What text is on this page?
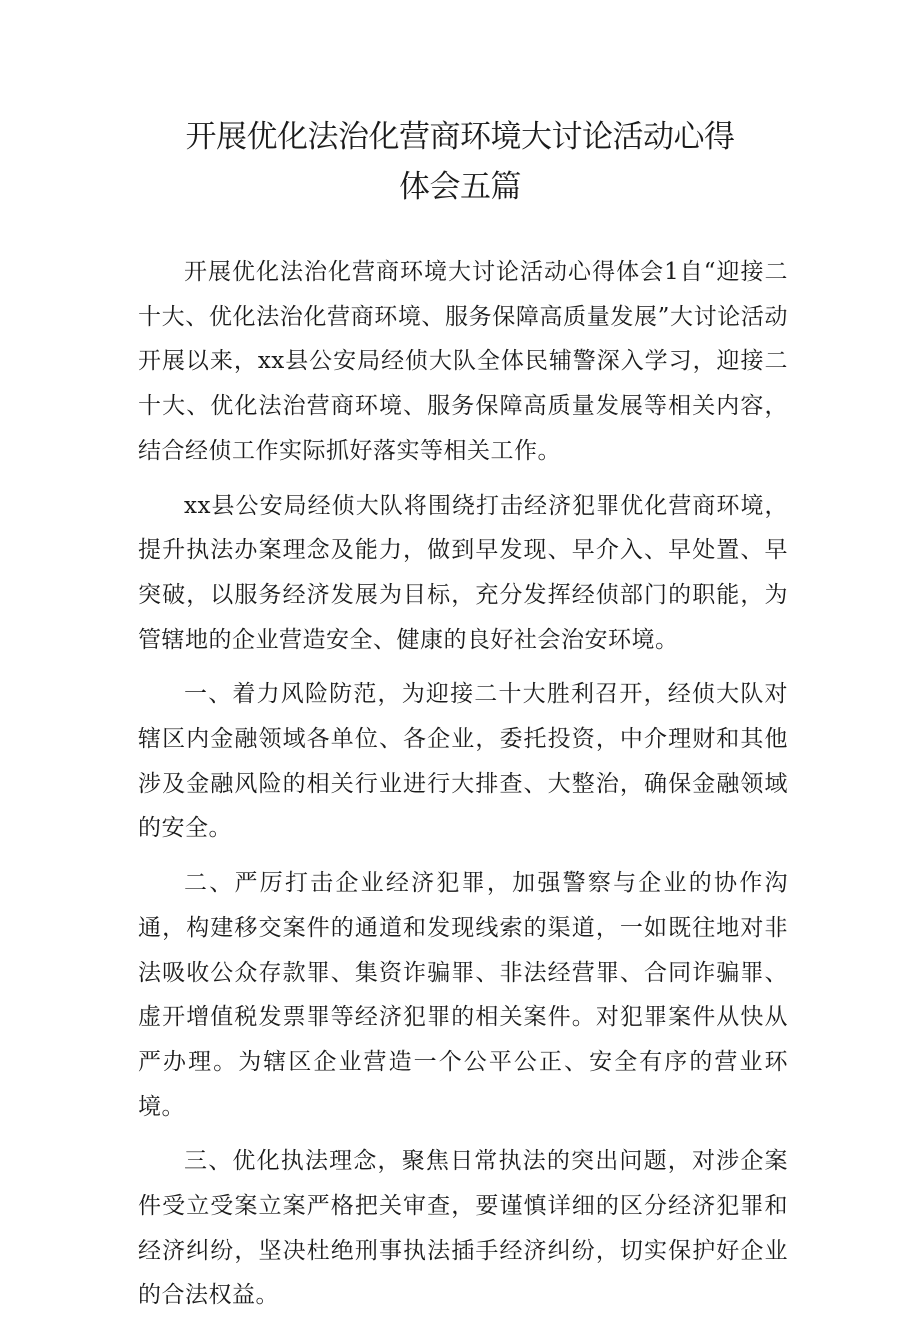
开展优化法治化营商环境大讨论活动心得
体会五篇

开展优化法治化营商环境大讨论活动心得体会1自“迎接二十大、优化法治化营商环境、服务保障高质量发展”大讨论活动开展以来，xx县公安局经侦大队全体民辅警深入学习，迎接二十大、优化法治营商环境、服务保障高质量发展等相关内容，结合经侦工作实际抓好落实等相关工作。

xx县公安局经侦大队将围绕打击经济犯罪优化营商环境，提升执法办案理念及能力，做到早发现、早介入、早处置、早突破，以服务经济发展为目标，充分发挥经侦部门的职能，为管辖地的企业营造安全、健康的良好社会治安环境。

一、着力风险防范，为迎接二十大胜利召开，经侦大队对辖区内金融领域各单位、各企业，委托投资，中介理财和其他涉及金融风险的相关行业进行大排查、大整治，确保金融领域的安全。

二、严厉打击企业经济犯罪，加强警察与企业的协作沟通，构建移交案件的通道和发现线索的渠道，一如既往地对非法吸收公众存款罪、集资诈骗罪、非法经营罪、合同诈骗罪、虚开增值税发票罪等经济犯罪的相关案件。对犯罪案件从快从严办理。为辖区企业营造一个公平公正、安全有序的营业环境。

三、优化执法理念，聚焦日常执法的突出问题，对涉企案件受立受案立案严格把关审查，要谨慎详细的区分经济犯罪和经济纠纷，坚决杜绝刑事执法插手经济纠纷，切实保护好企业的合法权益。
